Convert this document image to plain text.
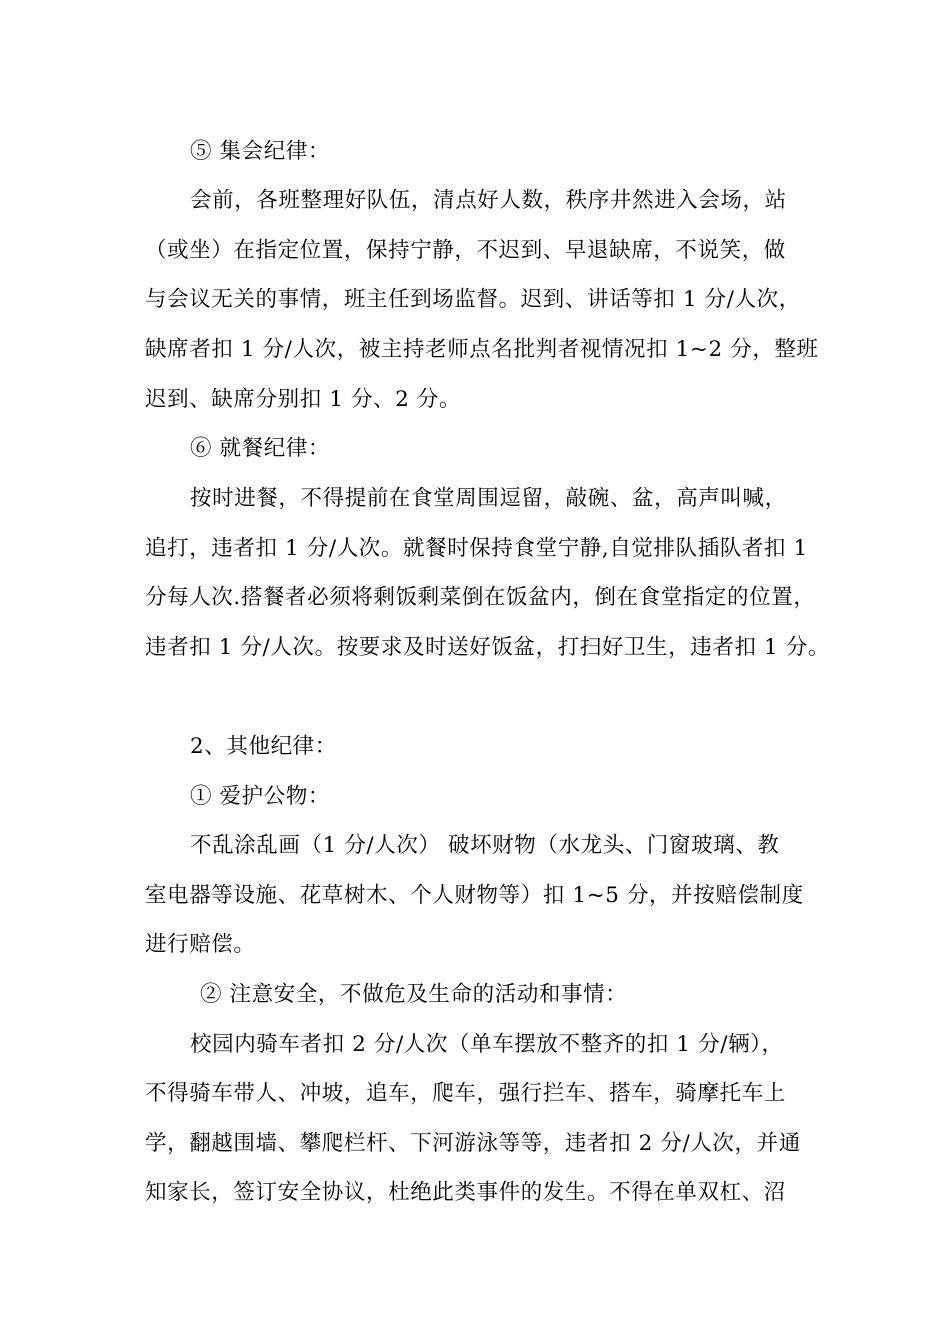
⑤ 集会纪律：
会前，各班整理好队伍，清点好人数，秩序井然进入会场，站
（或坐）在指定位置，保持宁静，不迟到、早退缺席，不说笑，做
与会议无关的事情，班主任到场监督。迟到、讲话等扣 1 分/人次，
缺席者扣 1 分/人次，被主持老师点名批判者视情况扣 1~2 分，整班
迟到、缺席分别扣 1 分、2 分。
⑥ 就餐纪律：
按时进餐，不得提前在食堂周围逗留，敲碗、盆，高声叫喊，
追打，违者扣 1 分/人次。就餐时保持食堂宁静,自觉排队插队者扣 1
分每人次.搭餐者必须将剩饭剩菜倒在饭盆内，倒在食堂指定的位置，
违者扣 1 分/人次。按要求及时送好饭盆，打扫好卫生，违者扣 1 分。
2、其他纪律：
① 爱护公物：
不乱涂乱画（1 分/人次） 破坏财物（水龙头、门窗玻璃、教
室电器等设施、花草树木、个人财物等）扣 1~5 分，并按赔偿制度
进行赔偿。
② 注意安全，不做危及生命的活动和事情：
校园内骑车者扣 2 分/人次（单车摆放不整齐的扣 1 分/辆），
不得骑车带人、冲坡，追车，爬车，强行拦车、搭车，骑摩托车上
学，翻越围墙、攀爬栏杆、下河游泳等等，违者扣 2 分/人次，并通
知家长，签订安全协议，杜绝此类事件的发生。不得在单双杠、沼
